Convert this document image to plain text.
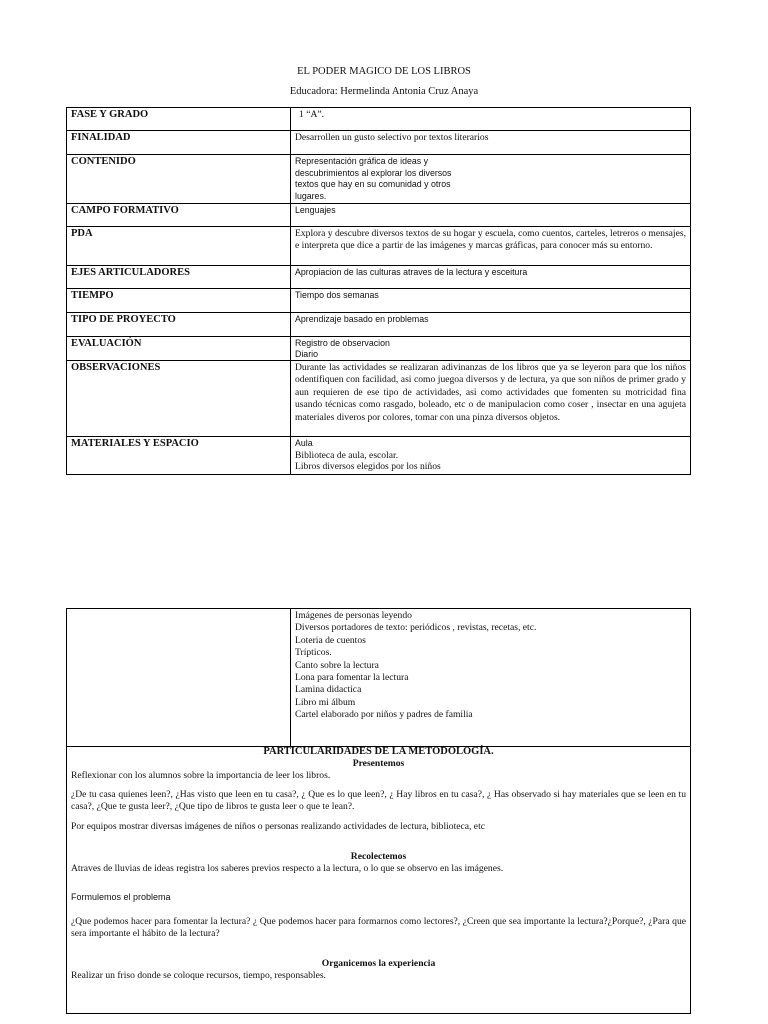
EL PODER MAGICO DE LOS LIBROS
Educadora: Hermelinda Antonia Cruz Anaya
FASE Y GRADO	1 “A”.
FINALIDAD	Desarrollen un gusto selectivo por textos literarios
CONTENIDO	Representación gráfica de ideas y
descubrimientos al explorar los diversos
textos que hay en su comunidad y otros
lugares.

CAMPO FORMATIVO	Lenguajes
PDA	Explora y descubre diversos textos de su hogar y escuela, como cuentos, carteles, letreros o mensajes, e interpreta que dice a partir de las imágenes y marcas gráficas, para conocer más su entorno.
EJES ARTICULADORES	Apropiacion de las culturas atraves de la lectura y esceitura
TIEMPO	Tiempo dos semanas
TIPO DE PROYECTO	Aprendizaje basado en problemas
EVALUACIÓN	Registro de observacion
Diario

OBSERVACIONES	Durante las actividades se realizaran adivinanzas de los libros que ya se leyeron para que los niños odentifiquen con facilidad, asi como juegoa diversos y de lectura, ya que son niños de primer grado y aun requieren de ese tipo de actividades, asi como actividades que fomenten su motricidad fina usando técnicas como rasgado, boleado, etc o de manipulacion como coser , insectar en una agujeta materiales diveros por colores, tomar con una pinza diversos objetos.
MATERIALES Y ESPACIO	Aula
Biblioteca de aula, escolar.
Libros diversos elegidos por los niños

Imágenes de personas leyendo
Diversos portadores de texto: periódicos , revistas, recetas, etc.
Loteria de cuentos
Trípticos.
Canto sobre la lectura
Lona para fomentar la lectura
Lamina didactica
Libro mi álbum
Cartel elaborado por niños y padres de familia
PARTICULARIDADES DE LA METODOLOGÍA.
Presentemos

Reflexionar con los alumnos sobre la importancia de leer los libros.

¿De tu casa quienes leen?, ¿Has visto que leen en tu casa?, ¿ Que es lo que leen?, ¿ Hay libros en tu casa?, ¿ Has observado si hay materiales que se leen en tu casa?, ¿Que te gusta leer?, ¿Que tipo de libros te gusta leer o que te lean?.

Por equipos mostrar diversas imágenes de niños o personas realizando actividades de lectura, biblioteca, etc

Recolectemos

Atraves de lluvias de ideas registra los saberes previos respecto a la lectura, o lo que se observo en las imágenes.

Formulemos el problema

¿Que podemos hacer para fomentar la lectura? ¿ Que podemos hacer para formarnos como lectores?, ¿Creen que sea importante la lectura?¿Porque?, ¿Para que sera importante el hábito de la lectura?

Organicemos la experiencia

Realizar un friso donde se coloque recursos, tiempo, responsables.
